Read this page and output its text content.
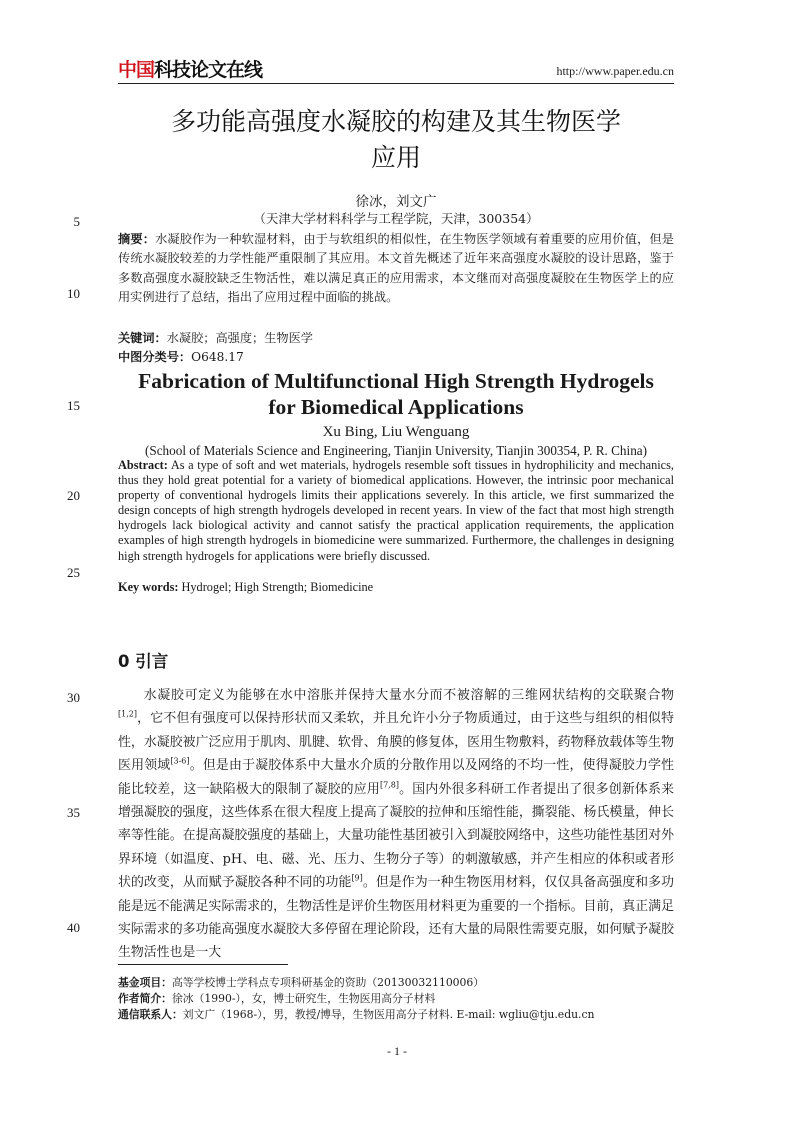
中国科技论文在线	http://www.paper.edu.cn
多功能高强度水凝胶的构建及其生物医学
应用
徐冰，刘文广
（天津大学材料科学与工程学院，天津，300354）
摘要：水凝胶作为一种软湿材料，由于与软组织的相似性，在生物医学领域有着重要的应用价值，但是传统水凝胶较差的力学性能严重限制了其应用。本文首先概述了近年来高强度水凝胶的设计思路，鉴于多数高强度水凝胶缺乏生物活性，难以满足真正的应用需求，本文继而对高强度凝胶在生物医学上的应用实例进行了总结，指出了应用过程中面临的挑战。
关键词：水凝胶；高强度；生物医学
中图分类号：O648.17
Fabrication of Multifunctional High Strength Hydrogels
for Biomedical Applications
Xu Bing, Liu Wenguang
(School of Materials Science and Engineering, Tianjin University, Tianjin 300354, P. R. China)
Abstract: As a type of soft and wet materials, hydrogels resemble soft tissues in hydrophilicity and mechanics, thus they hold great potential for a variety of biomedical applications. However, the intrinsic poor mechanical property of conventional hydrogels limits their applications severely. In this article, we first summarized the design concepts of high strength hydrogels developed in recent years. In view of the fact that most high strength hydrogels lack biological activity and cannot satisfy the practical application requirements, the application examples of high strength hydrogels in biomedicine were summarized. Furthermore, the challenges in designing high strength hydrogels for applications were briefly discussed.
Key words: Hydrogel; High Strength; Biomedicine
0 引言

水凝胶可定义为能够在水中溶胀并保持大量水分而不被溶解的三维网状结构的交联聚合物[1,2]，它不但有强度可以保持形状而又柔软，并且允许小分子物质通过，由于这些与组织的相似特性，水凝胶被广泛应用于肌肉、肌腱、软骨、角膜的修复体，医用生物敷料，药物释放载体等生物医用领域[3-6]。但是由于凝胶体系中大量水介质的分散作用以及网络的不均一性，使得凝胶力学性能比较差，这一缺陷极大的限制了凝胶的应用[7,8]。国内外很多科研工作者提出了很多创新体系来增强凝胶的强度，这些体系在很大程度上提高了凝胶的拉伸和压缩性能，撕裂能、杨氏模量，伸长率等性能。在提高凝胶强度的基础上，大量功能性基团被引入到凝胶网络中，这些功能性基团对外界环境（如温度、pH、电、磁、光、压力、生物分子等）的刺激敏感，并产生相应的体积或者形状的改变，从而赋予凝胶各种不同的功能[9]。但是作为一种生物医用材料，仅仅具备高强度和多功能是远不能满足实际需求的，生物活性是评价生物医用材料更为重要的一个指标。目前，真正满足实际需求的多功能高强度水凝胶大多停留在理论阶段，还有大量的局限性需要克服，如何赋予凝胶生物活性也是一大

基金项目：高等学校博士学科点专项科研基金的资助（20130032110006）
作者简介：徐冰（1990-），女，博士研究生，生物医用高分子材料
通信联系人：刘文广（1968-），男，教授/博导，生物医用高分子材料. E-mail: wgliu@tju.edu.cn
- 1 -
5
10
15
20
25
30
35
40
